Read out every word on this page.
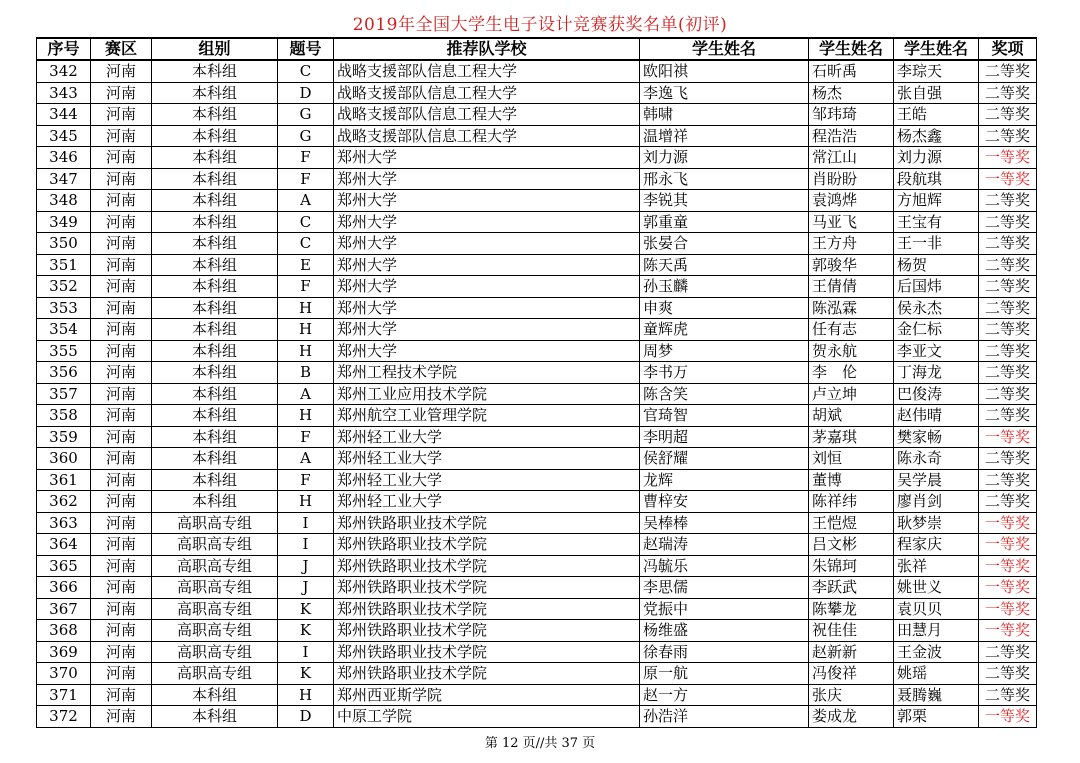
2019年全国大学生电子设计竞赛获奖名单(初评)
序号	赛区	组别	题号	推荐队学校	学生姓名	学生姓名	学生姓名	奖项
342	河南	本科组	C	战略支援部队信息工程大学	欧阳祺	石昕禹	李琮天	二等奖
343	河南	本科组	D	战略支援部队信息工程大学	李逸飞	杨杰	张自强	二等奖
344	河南	本科组	G	战略支援部队信息工程大学	韩啸	邹玮琦	王皓	二等奖
345	河南	本科组	G	战略支援部队信息工程大学	温增祥	程浩浩	杨杰鑫	二等奖
346	河南	本科组	F	郑州大学	刘力源	常江山	刘力源	一等奖
347	河南	本科组	F	郑州大学	邢永飞	肖盼盼	段航琪	一等奖
348	河南	本科组	A	郑州大学	李锐其	袁鸿烨	方旭辉	二等奖
349	河南	本科组	C	郑州大学	郭重童	马亚飞	王宝有	二等奖
350	河南	本科组	C	郑州大学	张晏合	王方舟	王一非	二等奖
351	河南	本科组	E	郑州大学	陈天禹	郭骏华	杨贺	二等奖
352	河南	本科组	F	郑州大学	孙玉麟	王倩倩	后国炜	二等奖
353	河南	本科组	H	郑州大学	申爽	陈泓霖	侯永杰	二等奖
354	河南	本科组	H	郑州大学	童辉虎	任有志	金仁标	二等奖
355	河南	本科组	H	郑州大学	周梦	贺永航	李亚文	二等奖
356	河南	本科组	B	郑州工程技术学院	李书万	李　伦	丁海龙	二等奖
357	河南	本科组	A	郑州工业应用技术学院	陈含笑	卢立坤	巴俊涛	二等奖
358	河南	本科组	H	郑州航空工业管理学院	官琦智	胡斌	赵伟晴	二等奖
359	河南	本科组	F	郑州轻工业大学	李明超	茅嘉琪	樊家畅	一等奖
360	河南	本科组	A	郑州轻工业大学	侯舒耀	刘恒	陈永奇	二等奖
361	河南	本科组	F	郑州轻工业大学	龙辉	董博	吴学晨	二等奖
362	河南	本科组	H	郑州轻工业大学	曹梓安	陈祥纬	廖肖剑	二等奖
363	河南	高职高专组	I	郑州铁路职业技术学院	吴棒棒	王恺煜	耿梦崇	一等奖
364	河南	高职高专组	I	郑州铁路职业技术学院	赵瑞涛	吕文彬	程家庆	一等奖
365	河南	高职高专组	J	郑州铁路职业技术学院	冯毓乐	朱锦珂	张祥	一等奖
366	河南	高职高专组	J	郑州铁路职业技术学院	李思儒	李跃武	姚世义	一等奖
367	河南	高职高专组	K	郑州铁路职业技术学院	党振中	陈攀龙	袁贝贝	一等奖
368	河南	高职高专组	K	郑州铁路职业技术学院	杨维盛	祝佳佳	田慧月	一等奖
369	河南	高职高专组	I	郑州铁路职业技术学院	徐春雨	赵新新	王金波	二等奖
370	河南	高职高专组	K	郑州铁路职业技术学院	原一航	冯俊祥	姚瑶	二等奖
371	河南	本科组	H	郑州西亚斯学院	赵一方	张庆	聂腾巍	二等奖
372	河南	本科组	D	中原工学院	孙浩洋	娄成龙	郭栗	一等奖
第 12 页//共 37 页
